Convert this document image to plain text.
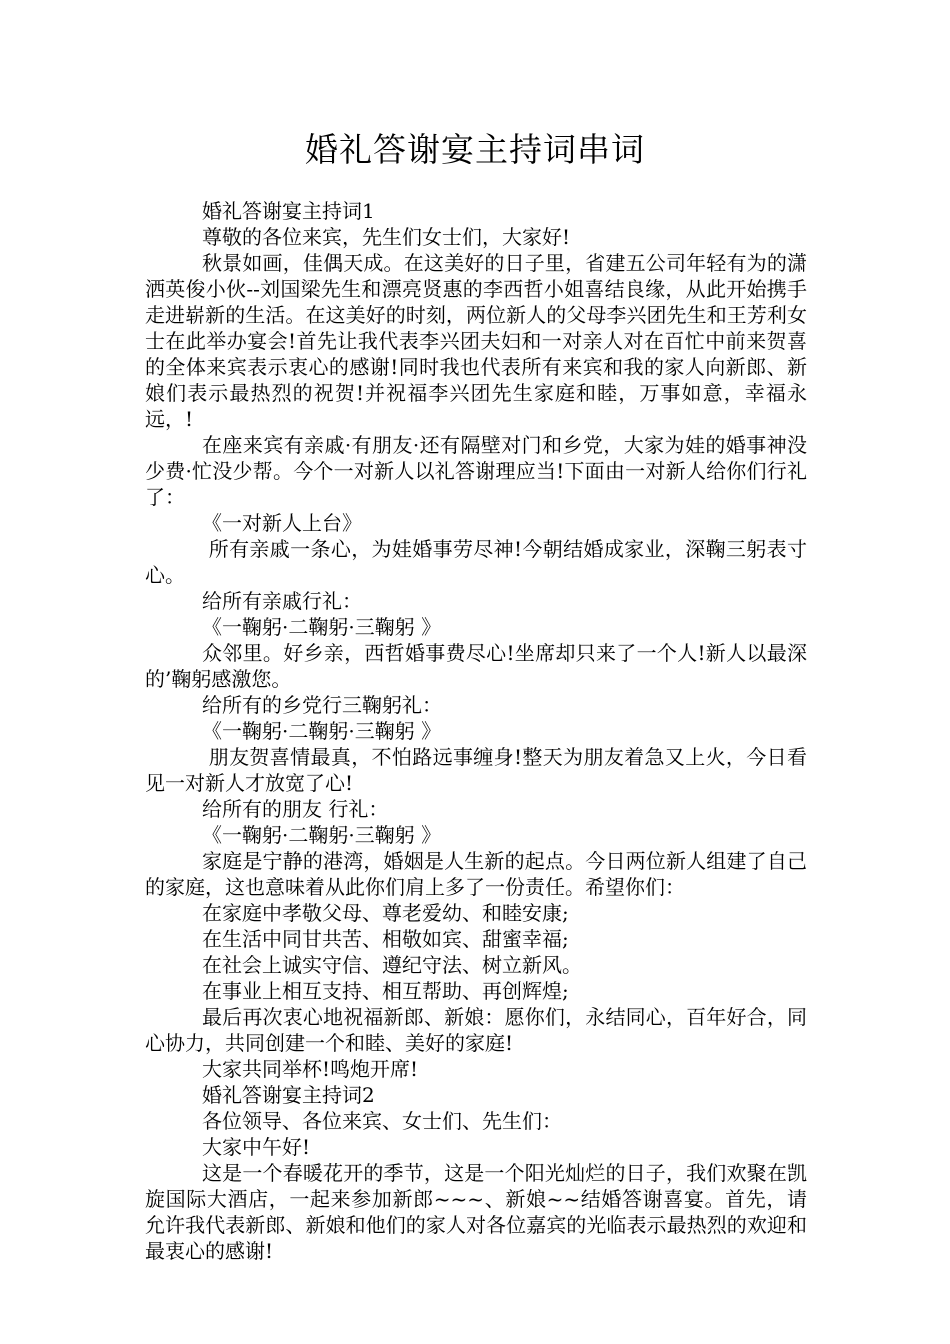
婚礼答谢宴主持词串词

婚礼答谢宴主持词1

尊敬的各位来宾，先生们女士们，大家好!

秋景如画，佳偶天成。在这美好的日子里，省建五公司年轻有为的潇洒英俊小伙--刘国梁先生和漂亮贤惠的李西哲小姐喜结良缘，从此开始携手走进崭新的生活。在这美好的时刻，两位新人的父母李兴团先生和王芳利女士在此举办宴会!首先让我代表李兴团夫妇和一对亲人对在百忙中前来贺喜的全体来宾表示衷心的感谢!同时我也代表所有来宾和我的家人向新郎、新娘们表示最热烈的祝贺!并祝福李兴团先生家庭和睦，万事如意，幸福永远，!

在座来宾有亲戚·有朋友·还有隔壁对门和乡党，大家为娃的婚事神没少费·忙没少帮。今个一对新人以礼答谢理应当!下面由一对新人给你们行礼了：

《一对新人上台》

所有亲戚一条心，为娃婚事劳尽神!今朝结婚成家业，深鞠三躬表寸心。

给所有亲戚行礼：

《一鞠躬·二鞠躬·三鞠躬 》

众邻里。好乡亲，西哲婚事费尽心!坐席却只来了一个人!新人以最深的’鞠躬感激您。

给所有的乡党行三鞠躬礼：

《一鞠躬·二鞠躬·三鞠躬 》

朋友贺喜情最真，不怕路远事缠身!整天为朋友着急又上火，今日看见一对新人才放宽了心!

给所有的朋友 行礼：

《一鞠躬·二鞠躬·三鞠躬 》

家庭是宁静的港湾，婚姻是人生新的起点。今日两位新人组建了自己的家庭，这也意味着从此你们肩上多了一份责任。希望你们：

在家庭中孝敬父母、尊老爱幼、和睦安康;

在生活中同甘共苦、相敬如宾、甜蜜幸福;

在社会上诚实守信、遵纪守法、树立新风。

在事业上相互支持、相互帮助、再创辉煌;

最后再次衷心地祝福新郎、新娘：愿你们，永结同心，百年好合，同心协力，共同创建一个和睦、美好的家庭!

大家共同举杯!鸣炮开席!

婚礼答谢宴主持词2

各位领导、各位来宾、女士们、先生们：

大家中午好!

这是一个春暖花开的季节，这是一个阳光灿烂的日子，我们欢聚在凯旋国际大酒店，一起来参加新郎~~~、新娘~~结婚答谢喜宴。首先，请允许我代表新郎、新娘和他们的家人对各位嘉宾的光临表示最热烈的欢迎和最衷心的感谢!
